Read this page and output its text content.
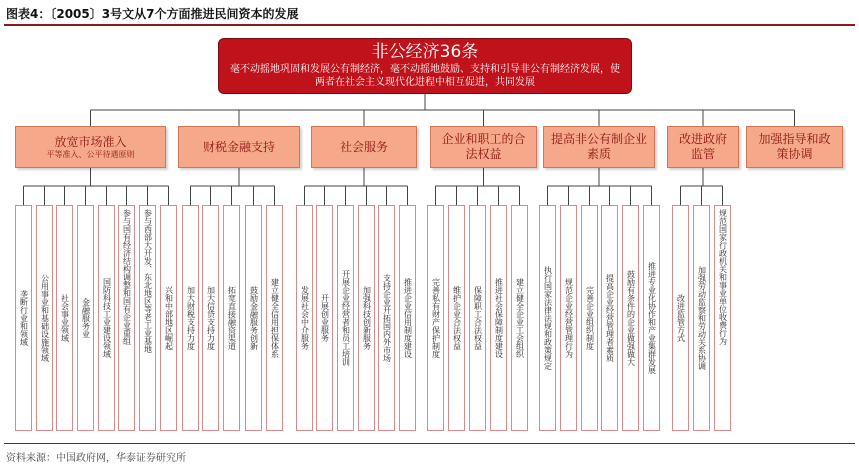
图表4：〔2005〕3号文从7个方面推进民间资本的发展
非公经济36条
毫不动摇地巩固和发展公有制经济，毫不动摇地鼓励、支持和引导非公有制经济发展，使两者在社会主义现代化进程中相互促进，共同发展
放宽市场准入
平等准入、公平待遇原则
财税金融支持	社会服务
企业和职工的合法权益
提高非公有制企业素质
改进政府监管
加强指导和政策协调
垄断行业和领域 公用事业和基础设施领域 社会事业领域 金融服务业 国防科技工业建设领域 参与国有经济结构调整和国有企业重组 参与西部大开发、东北地区等老工业基地 兴和中部地区崛起 加大财税支持力度 加大信贷支持力度 拓宽直接融资渠道 鼓励金融服务创新 建立健全信用担保体系	发展社会中介服务 开展创业服务 开展企业经营者和员工培训 加强科技创新服务 支持企业开拓国内外市场 推进企业信用制度建设 完善私有财产保护制度 维护企业合法权益 保障职工合法权益 推进社会保障制度建设 建立健全企业工会组织 执行国家法律法规和政策规定 规范企业经营管理行为 完善企业组织制度 提高企业经营管理者素质 鼓励有条件的企业做强做大 推进专业化协作和产业集群发展	改进监管方式 加强劳动监察和劳动关系协调 规范国家行政机关和事业单位收费行为
资料来源：中国政府网，华泰证券研究所
